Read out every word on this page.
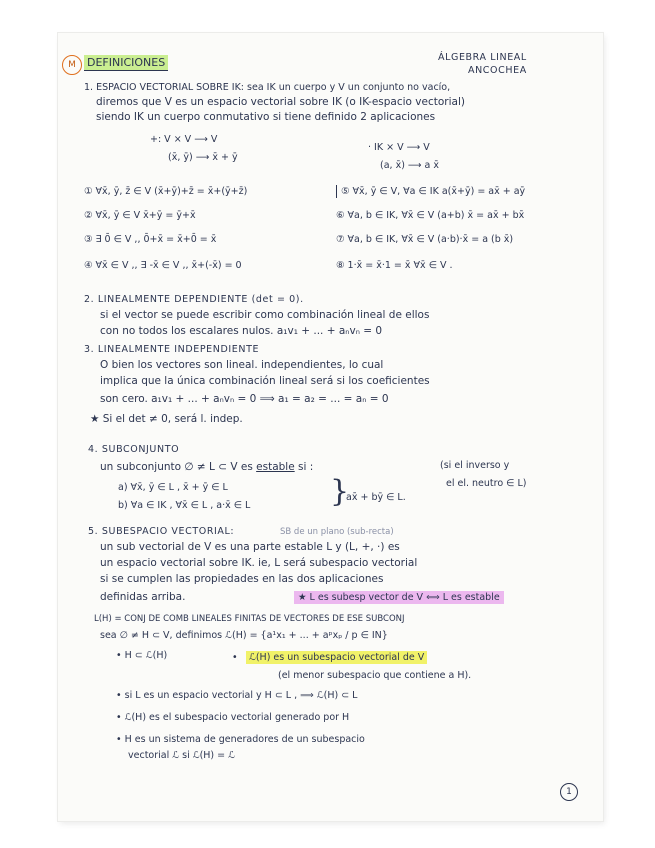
M	DEFINICIONES	ÁLGEBRA LINEAL
ANCOCHEA
1. ESPACIO VECTORIAL SOBRE IK: sea IK un cuerpo y V un conjunto no vacío,
diremos que V es un espacio vectorial sobre IK (o IK-espacio vectorial)
siendo IK un cuerpo conmutativo si tiene definido 2 aplicaciones
+: V × V ⟶ V
(x̄, ȳ) ⟶ x̄ + ȳ
· IK × V ⟶ V
(a, x̄) ⟶ a x̄
① ∀x̄, ȳ, z̄ ∈ V (x̄+ȳ)+z̄ = x̄+(ȳ+z̄)
② ∀x̄, ȳ ∈ V x̄+ȳ = ȳ+x̄
③ ∃ 0̄ ∈ V ,, 0̄+x̄ = x̄+0̄ = x̄
④ ∀x̄ ∈ V ,, ∃ -x̄ ∈ V ,, x̄+(-x̄) = 0
⑤ ∀x̄, ȳ ∈ V, ∀a ∈ IK a(x̄+ȳ) = ax̄ + aȳ
⑥ ∀a, b ∈ IK, ∀x̄ ∈ V (a+b) x̄ = ax̄ + bx̄
⑦ ∀a, b ∈ IK, ∀x̄ ∈ V (a·b)·x̄ = a (b x̄)
⑧ 1·x̄ = x̄·1 = x̄ ∀x̄ ∈ V .
2. LINEALMENTE DEPENDIENTE (det = 0).
si el vector se puede escribir como combinación lineal de ellos
con no todos los escalares nulos. a₁v₁ + ... + aₙvₙ = 0
3. LINEALMENTE INDEPENDIENTE
O bien los vectores son lineal. independientes, lo cual
implica que la única combinación lineal será si los coeficientes
son cero. a₁v₁ + ... + aₙvₙ = 0 ⟹ a₁ = a₂ = ... = aₙ = 0
★ Si el det ≠ 0, será l. indep.
4. SUBCONJUNTO
un subconjunto ∅ ≠ L ⊂ V es estable si :	(si el inverso y
el el. neutro ∈ L)
a) ∀x̄, ȳ ∈ L , x̄ + ȳ ∈ L
b) ∀a ∈ IK , ∀x̄ ∈ L , a·x̄ ∈ L	}
ax̄ + bȳ ∈ L.
5. SUBESPACIO VECTORIAL:	SB de un plano (sub-recta)
un sub vectorial de V es una parte estable L y (L, +, ·) es
un espacio vectorial sobre IK. ie, L será subespacio vectorial
si se cumplen las propiedades en las dos aplicaciones
definidas arriba.	★ L es subesp vector de V ⟺ L es estable
L(H) = CONJ DE COMB LINEALES FINITAS DE VECTORES DE ESE SUBCONJ
sea ∅ ≠ H ⊂ V, definimos ℒ(H) = {a¹x₁ + ... + aᵖxₚ / p ∈ IN}
• H ⊂ ℒ(H)	•	ℒ(H) es un subespacio vectorial de V
(el menor subespacio que contiene a H).
• si L es un espacio vectorial y H ⊂ L , ⟹ ℒ(H) ⊂ L
• ℒ(H) es el subespacio vectorial generado por H
• H es un sistema de generadores de un subespacio
vectorial ℒ si ℒ(H) = ℒ
1
